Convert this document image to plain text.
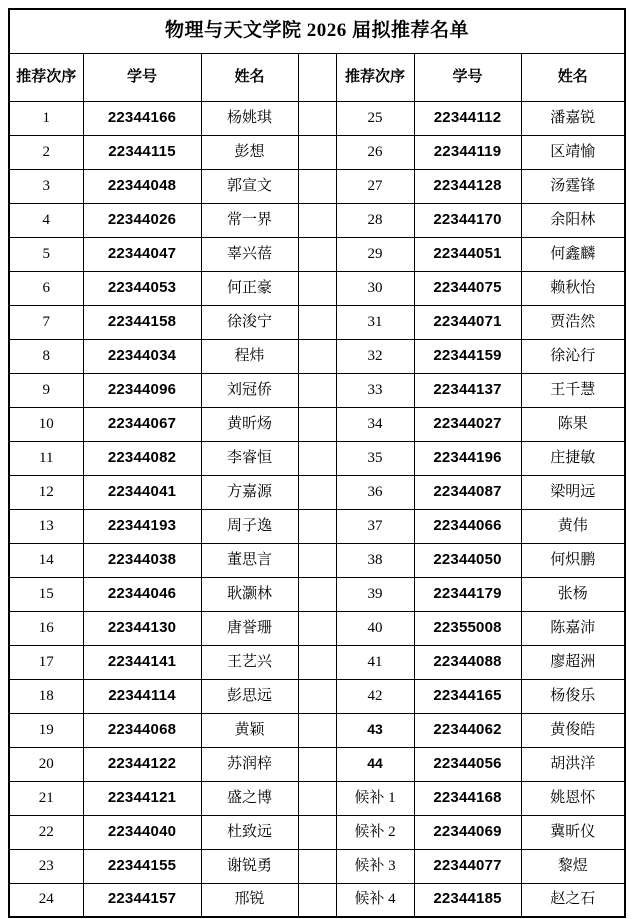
物理与天文学院 2026 届拟推荐名单						
推荐次序	学号	姓名		推荐次序	学号	姓名
1	22344166	杨姚琪		25	22344112	潘嘉锐
2	22344115	彭想		26	22344119	区靖愉
3	22344048	郭宣文		27	22344128	汤霆锋
4	22344026	常一界		28	22344170	余阳林
5	22344047	辜兴蓓		29	22344051	何鑫麟
6	22344053	何正豪		30	22344075	赖秋怡
7	22344158	徐浚宁		31	22344071	贾浩然
8	22344034	程炜		32	22344159	徐沁行
9	22344096	刘冠侨		33	22344137	王千慧
10	22344067	黄昕炀		34	22344027	陈果
11	22344082	李睿恒		35	22344196	庄捷敏
12	22344041	方嘉源		36	22344087	梁明远
13	22344193	周子逸		37	22344066	黄伟
14	22344038	董思言		38	22344050	何炽鹏
15	22344046	耿灏林		39	22344179	张杨
16	22344130	唐誉珊		40	22355008	陈嘉沛
17	22344141	王艺兴		41	22344088	廖超洲
18	22344114	彭思远		42	22344165	杨俊乐
19	22344068	黄颖		43	22344062	黄俊皓
20	22344122	苏润梓		44	22344056	胡洪洋
21	22344121	盛之博		候补 1	22344168	姚恩怀
22	22344040	杜致远		候补 2	22344069	冀昕仪
23	22344155	谢锐勇		候补 3	22344077	黎煜
24	22344157	邢锐		候补 4	22344185	赵之石
